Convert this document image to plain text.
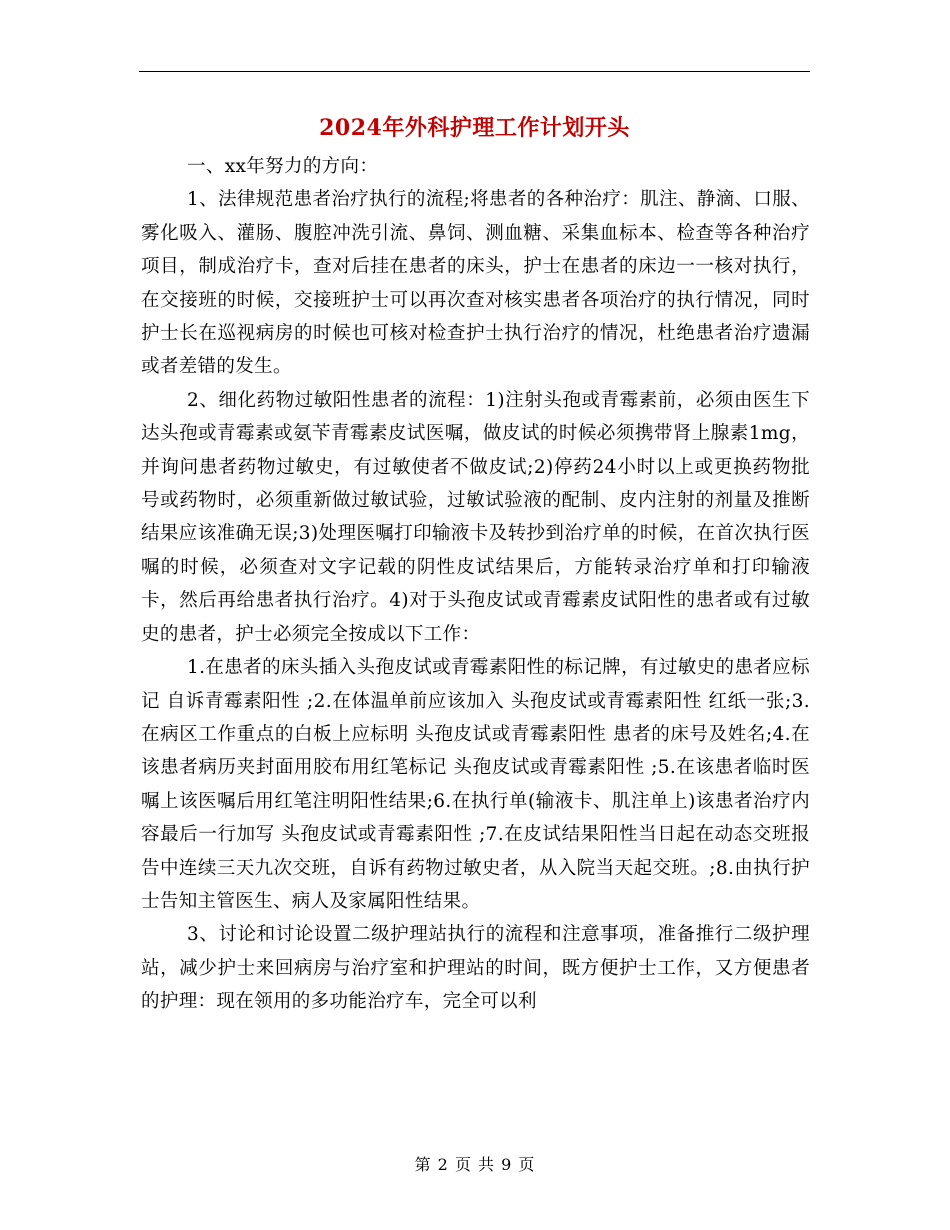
2024年外科护理工作计划开头

一、xx年努力的方向：

1、法律规范患者治疗执行的流程;将患者的各种治疗：肌注、静滴、口服、雾化吸入、灌肠、腹腔冲洗引流、鼻饲、测血糖、采集血标本、检查等各种治疗项目，制成治疗卡，查对后挂在患者的床头，护士在患者的床边一一核对执行，在交接班的时候，交接班护士可以再次查对核实患者各项治疗的执行情况，同时护士长在巡视病房的时候也可核对检查护士执行治疗的情况，杜绝患者治疗遗漏或者差错的发生。

2、细化药物过敏阳性患者的流程：1)注射头孢或青霉素前，必须由医生下达头孢或青霉素或氨苄青霉素皮试医嘱，做皮试的时候必须携带肾上腺素1mg，并询问患者药物过敏史，有过敏使者不做皮试;2)停药24小时以上或更换药物批号或药物时，必须重新做过敏试验，过敏试验液的配制、皮内注射的剂量及推断结果应该准确无误;3)处理医嘱打印输液卡及转抄到治疗单的时候，在首次执行医嘱的时候，必须查对文字记载的阴性皮试结果后，方能转录治疗单和打印输液卡，然后再给患者执行治疗。4)对于头孢皮试或青霉素皮试阳性的患者或有过敏史的患者，护士必须完全按成以下工作：

1.在患者的床头插入头孢皮试或青霉素阳性的标记牌，有过敏史的患者应标记 自诉青霉素阳性 ;2.在体温单前应该加入 头孢皮试或青霉素阳性 红纸一张;3.在病区工作重点的白板上应标明 头孢皮试或青霉素阳性 患者的床号及姓名;4.在该患者病历夹封面用胶布用红笔标记 头孢皮试或青霉素阳性 ;5.在该患者临时医嘱上该医嘱后用红笔注明阳性结果;6.在执行单(输液卡、肌注单上)该患者治疗内容最后一行加写 头孢皮试或青霉素阳性 ;7.在皮试结果阳性当日起在动态交班报告中连续三天九次交班，自诉有药物过敏史者，从入院当天起交班。;8.由执行护士告知主管医生、病人及家属阳性结果。

3、讨论和讨论设置二级护理站执行的流程和注意事项，准备推行二级护理站，减少护士来回病房与治疗室和护理站的时间，既方便护士工作，又方便患者的护理：现在领用的多功能治疗车，完全可以利

第 2 页 共 9 页
